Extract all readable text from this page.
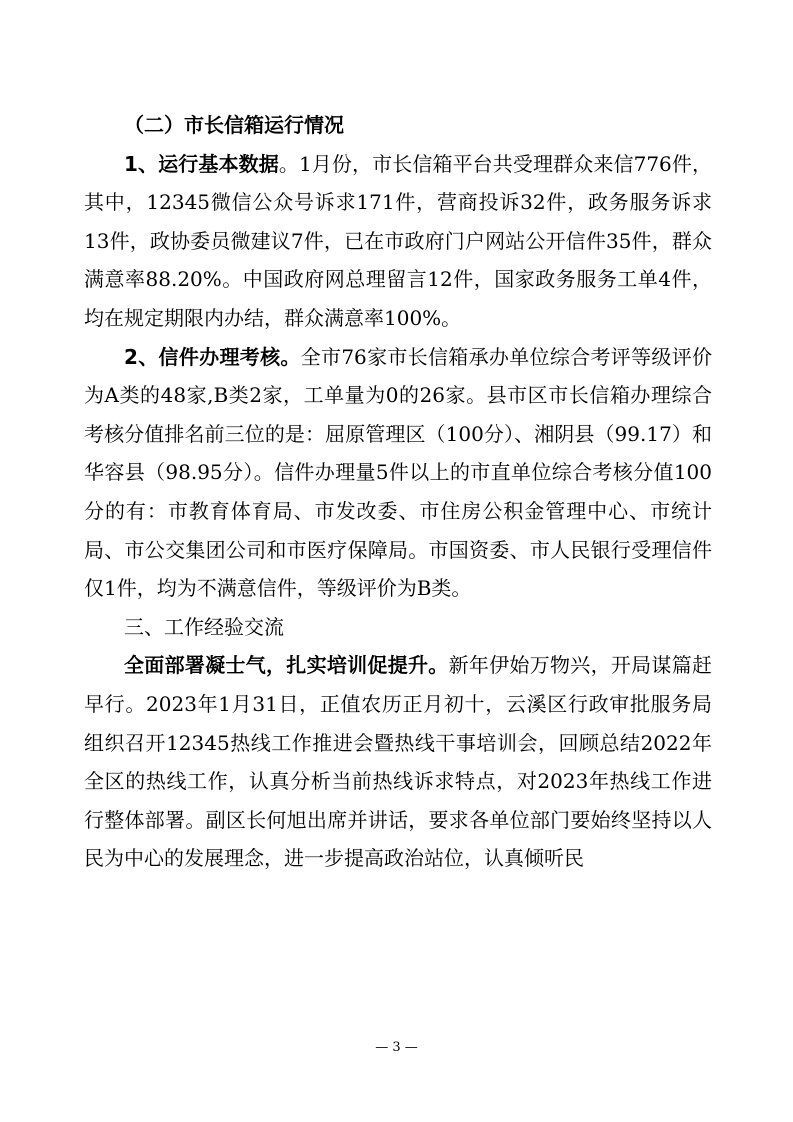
（二）市长信箱运行情况

1、运行基本数据。1月份，市长信箱平台共受理群众来信776件，其中，12345微信公众号诉求171件，营商投诉32件，政务服务诉求13件，政协委员微建议7件，已在市政府门户网站公开信件35件，群众满意率88.20%。中国政府网总理留言12件，国家政务服务工单4件，均在规定期限内办结，群众满意率100%。

2、信件办理考核。全市76家市长信箱承办单位综合考评等级评价为A类的48家,B类2家，工单量为0的26家。县市区市长信箱办理综合考核分值排名前三位的是：屈原管理区（100分）、湘阴县（99.17）和华容县（98.95分）。信件办理量5件以上的市直单位综合考核分值100分的有：市教育体育局、市发改委、市住房公积金管理中心、市统计局、市公交集团公司和市医疗保障局。市国资委、市人民银行受理信件仅1件，均为不满意信件，等级评价为B类。

三、工作经验交流

全面部署凝士气，扎实培训促提升。新年伊始万物兴，开局谋篇赶早行。2023年1月31日，正值农历正月初十，云溪区行政审批服务局组织召开12345热线工作推进会暨热线干事培训会，回顾总结2022年全区的热线工作，认真分析当前热线诉求特点，对2023年热线工作进行整体部署。副区长何旭出席并讲话，要求各单位部门要始终坚持以人民为中心的发展理念，进一步提高政治站位，认真倾听民

— 3 —
